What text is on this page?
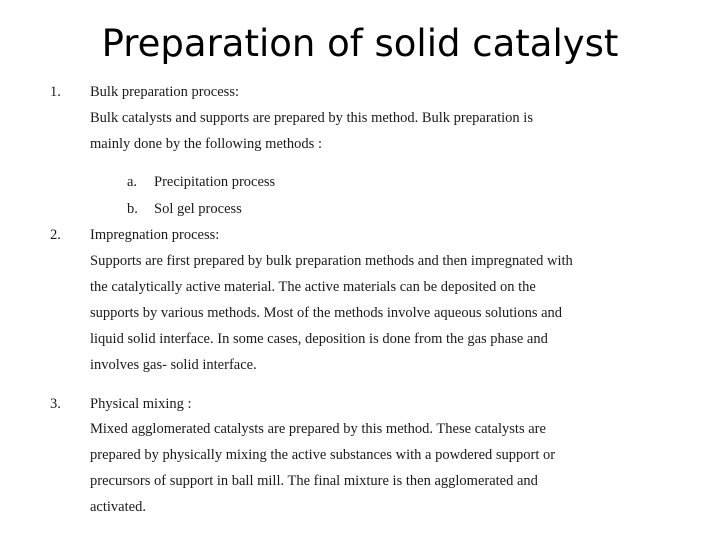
Preparation of solid catalyst
1. Bulk preparation process:
Bulk catalysts and supports are prepared by this method. Bulk preparation is
mainly done by the following methods :
a. Precipitation process
b. Sol gel process
2. Impregnation process:
Supports are first prepared by bulk preparation methods and then impregnated with
the catalytically active material. The active materials can be deposited on the
supports by various methods. Most of the methods involve aqueous solutions and
liquid solid interface. In some cases, deposition is done from the gas phase and
involves gas- solid interface.
3. Physical mixing :
Mixed agglomerated catalysts are prepared by this method. These catalysts are
prepared by physically mixing the active substances with a powdered support or
precursors of support in ball mill. The final mixture is then agglomerated and
activated.
